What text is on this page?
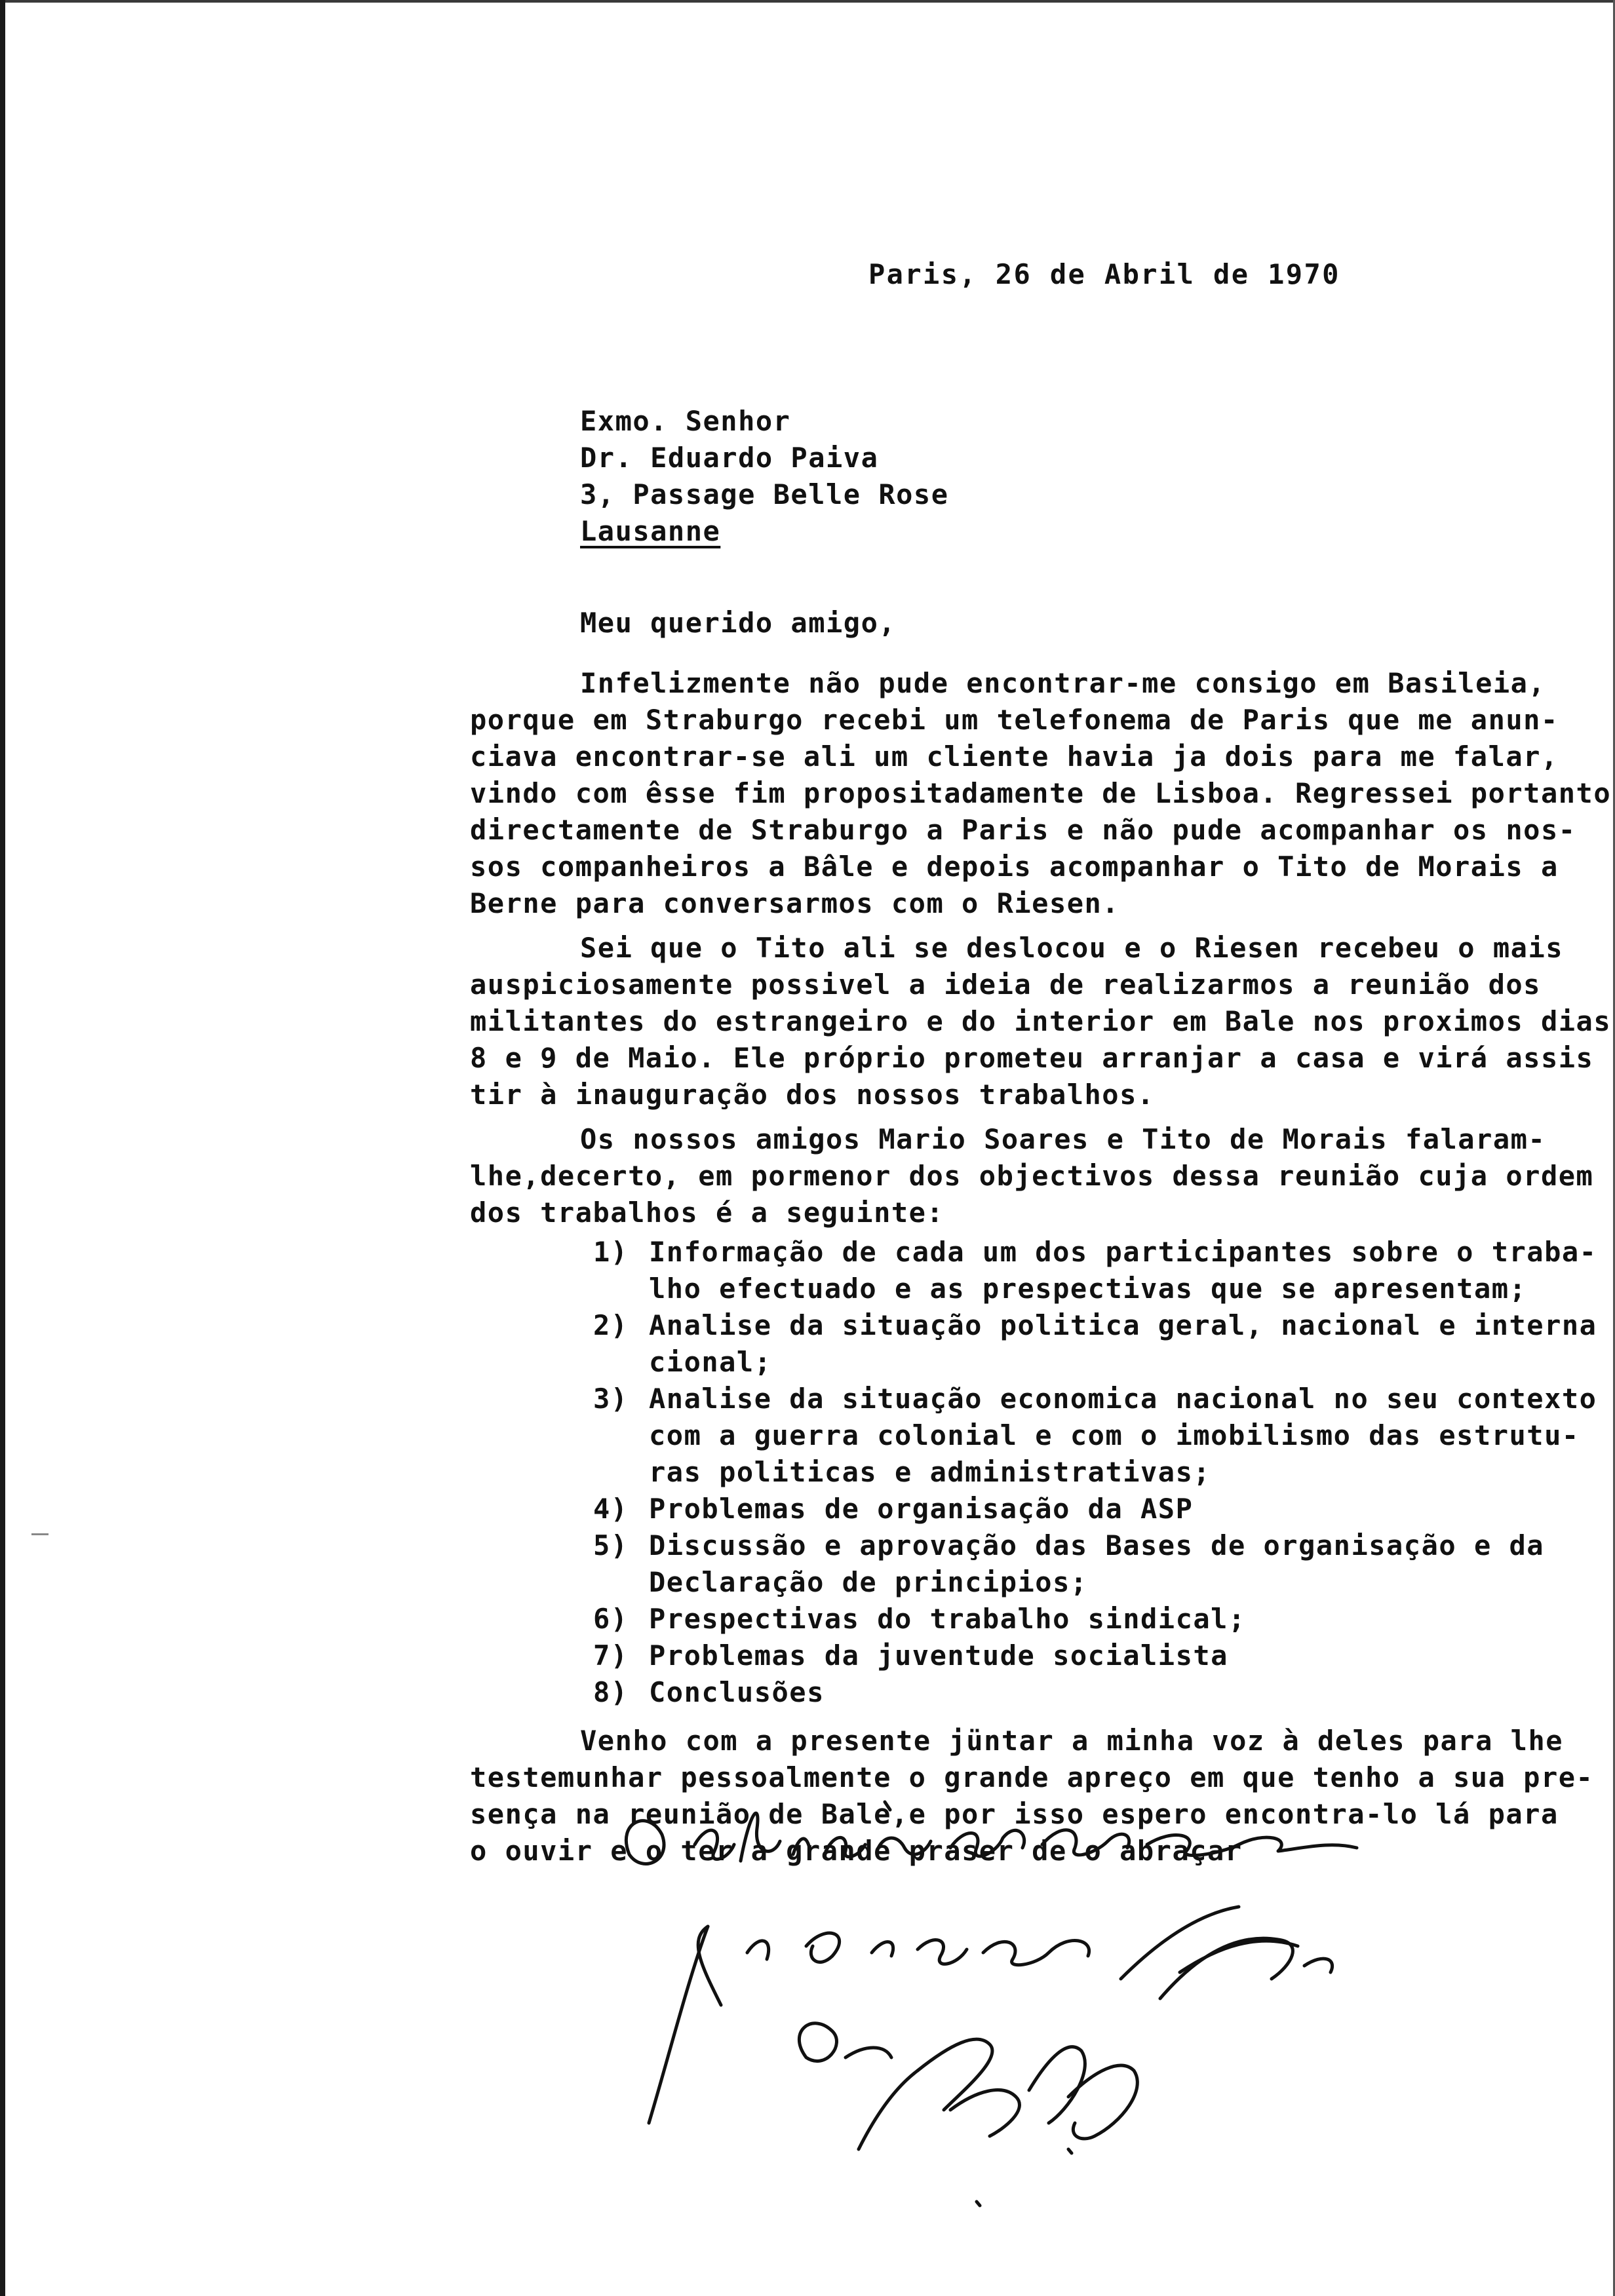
Paris, 26 de Abril de 1970
Exmo. Senhor
Dr. Eduardo Paiva
3, Passage Belle Rose
Lausanne
Meu querido amigo,
Infelizmente não pude encontrar-me consigo em Basileia,
porque em Straburgo recebi um telefonema de Paris que me anun-
ciava encontrar-se ali um cliente havia ja dois para me falar,
vindo com êsse fim propositadamente de Lisboa. Regressei portanto
directamente de Straburgo a Paris e não pude acompanhar os nos-
sos companheiros a Bâle e depois acompanhar o Tito de Morais a
Berne para conversarmos com o Riesen.
Sei que o Tito ali se deslocou e o Riesen recebeu o mais
auspiciosamente possivel a ideia de realizarmos a reunião dos
militantes do estrangeiro e do interior em Bale nos proximos dias
8 e 9 de Maio. Ele próprio prometeu arranjar a casa e virá assis
tir à inauguração dos nossos trabalhos.
Os nossos amigos Mario Soares e Tito de Morais falaram-
lhe,decerto, em pormenor dos objectivos dessa reunião cuja ordem
dos trabalhos é a seguinte:
1) Informação de cada um dos participantes sobre o traba-
lho efectuado e as prespectivas que se apresentam;
2) Analise da situação politica geral, nacional e interna
cional;
3) Analise da situação economica nacional no seu contexto
com a guerra colonial e com o imobilismo das estrutu-
ras politicas e administrativas;
4) Problemas de organisação da ASP
5) Discussão e aprovação das Bases de organisação e da
Declaração de principios;
6) Prespectivas do trabalho sindical;
7) Problemas da juventude socialista
8) Conclusões
Venho com a presente jüntar a minha voz à deles para lhe
testemunhar pessoalmente o grande apreço em que tenho a sua pre-
sença na reunião de Bale,e por isso espero encontra-lo lá para
o ouvir e o ter a grande praser de o abraçar
